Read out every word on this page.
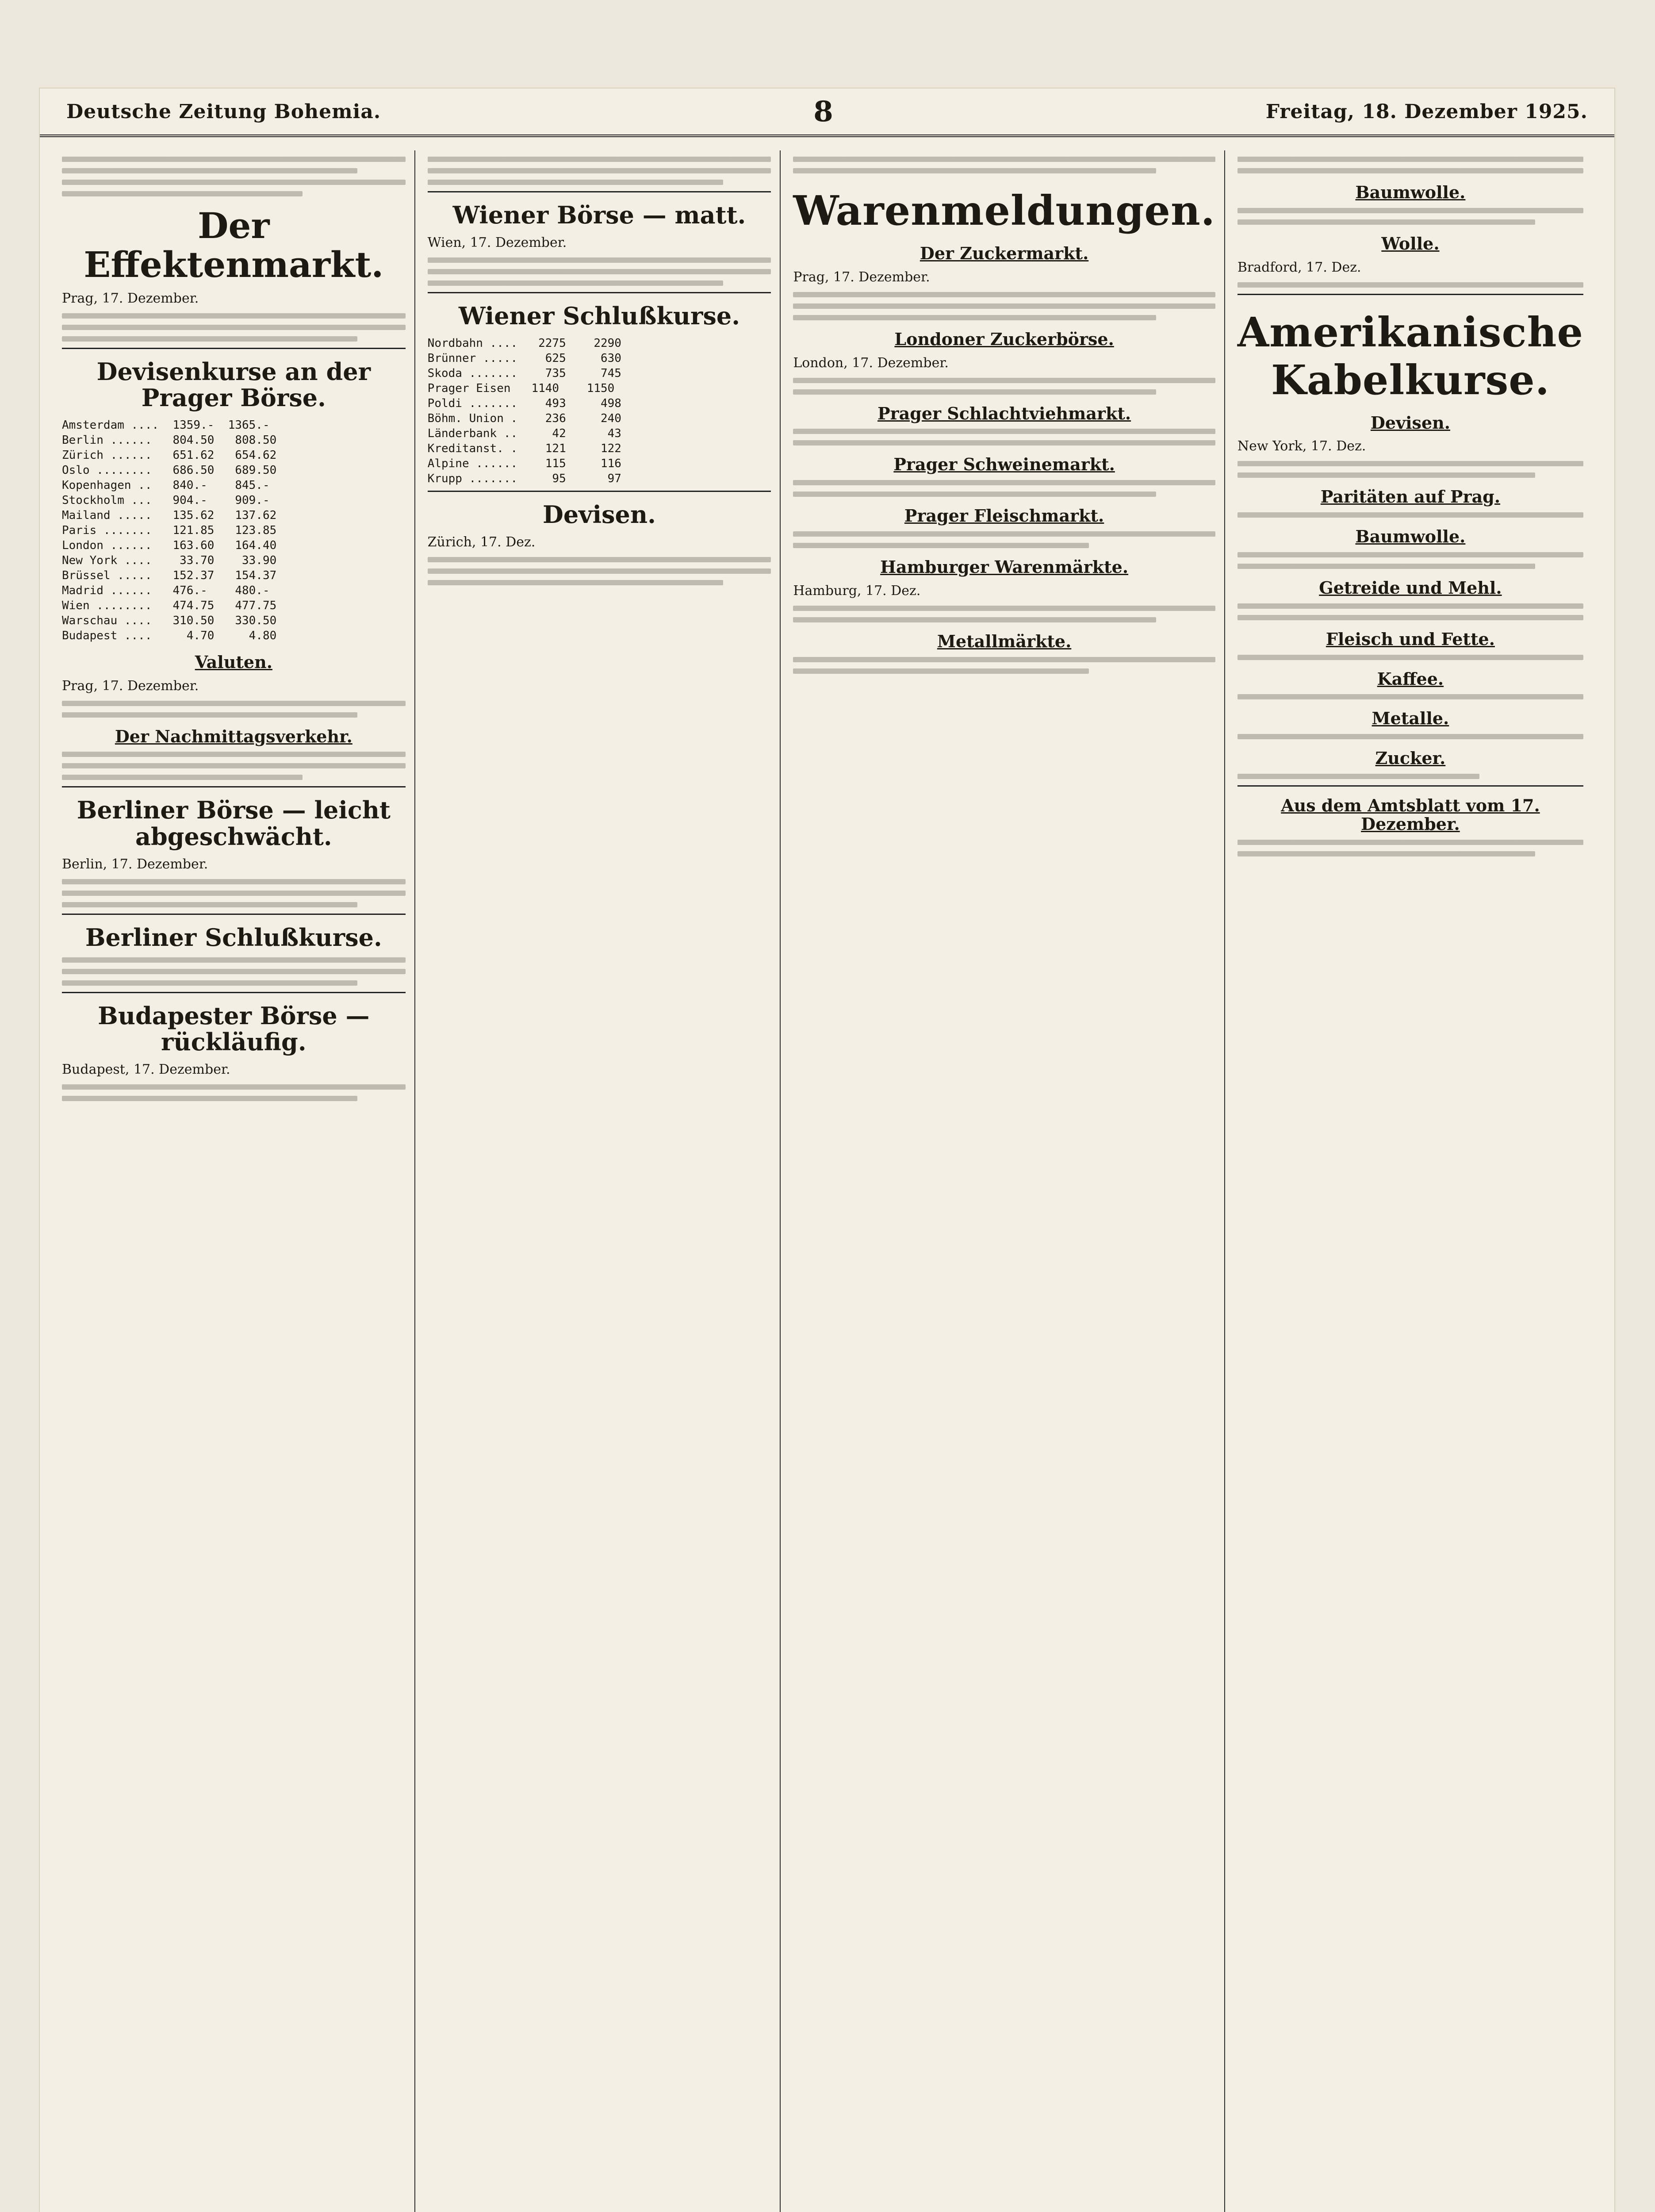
Deutsche Zeitung Bohemia.	8	Freitag, 18. Dezember 1925.
Der Effektenmarkt.
Prag, 17. Dezember.
Devisenkurse an der Prager Börse.
Amsterdam ....  1359.-  1365.-
Berlin ......   804.50   808.50
Zürich ......   651.62   654.62
Oslo ........   686.50   689.50
Kopenhagen ..   840.-    845.-
Stockholm ...   904.-    909.-
Mailand .....   135.62   137.62
Paris .......   121.85   123.85
London ......   163.60   164.40
New York ....    33.70    33.90
Brüssel .....   152.37   154.37
Madrid ......   476.-    480.-
Wien ........   474.75   477.75
Warschau ....   310.50   330.50
Budapest ....     4.70     4.80
Valuten.
Prag, 17. Dezember.
Der Nachmittagsverkehr.
Berliner Börse — leicht abgeschwächt.
Berlin, 17. Dezember.
Berliner Schlußkurse.
Budapester Börse — rückläufig.
Budapest, 17. Dezember.
Wiener Börse — matt.
Wien, 17. Dezember.
Wiener Schlußkurse.
Nordbahn ....   2275    2290
Brünner .....    625     630
Skoda .......    735     745
Prager Eisen   1140    1150
Poldi .......    493     498
Böhm. Union .    236     240
Länderbank ..     42      43
Kreditanst. .    121     122
Alpine ......    115     116
Krupp .......     95      97
Devisen.
Zürich, 17. Dez.
Warenmeldungen.
Der Zuckermarkt.
Prag, 17. Dezember.
Londoner Zuckerbörse.
London, 17. Dezember.
Prager Schlachtviehmarkt.
Prager Schweinemarkt.
Prager Fleischmarkt.
Hamburger Warenmärkte.
Hamburg, 17. Dez.
Metallmärkte.
Baumwolle.
Wolle.
Bradford, 17. Dez.
Amerikanische Kabelkurse.
Devisen.
New York, 17. Dez.
Paritäten auf Prag.
Baumwolle.
Getreide und Mehl.
Fleisch und Fette.
Kaffee.
Metalle.
Zucker.
Aus dem Amtsblatt vom 17. Dezember.
